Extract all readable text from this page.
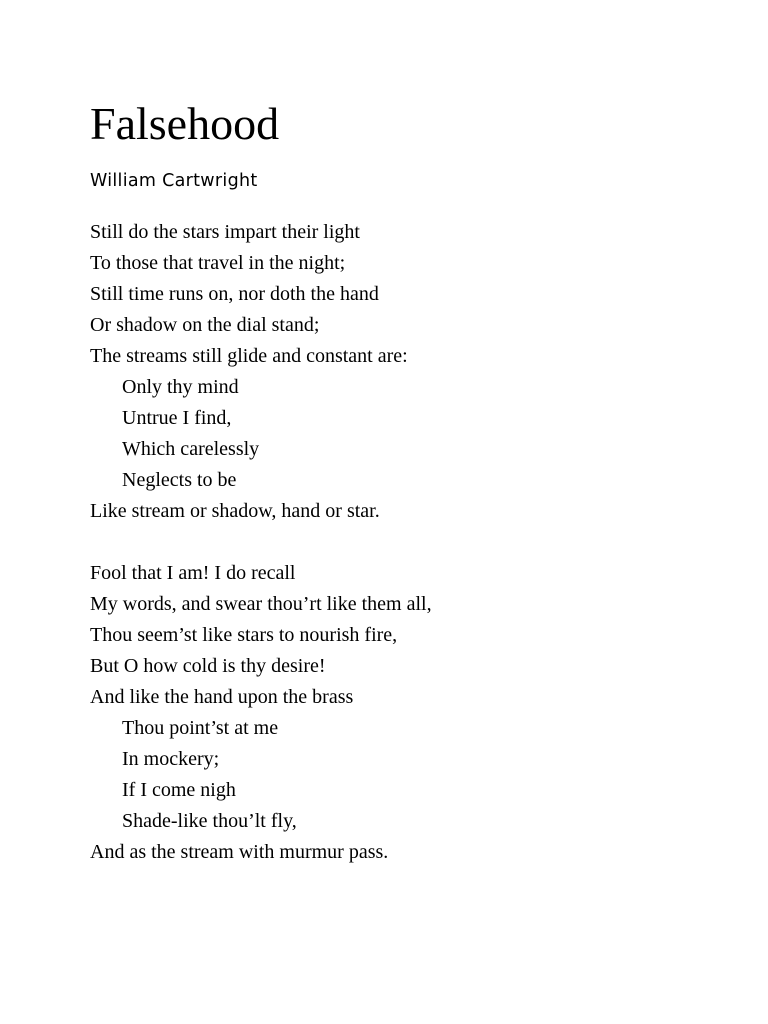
Falsehood
William Cartwright
Still do the stars impart their light
To those that travel in the night;
Still time runs on, nor doth the hand
Or shadow on the dial stand;
The streams still glide and constant are:
Only thy mind
Untrue I find,
Which carelessly
Neglects to be
Like stream or shadow, hand or star.
Fool that I am! I do recall
My words, and swear thou’rt like them all,
Thou seem’st like stars to nourish fire,
But O how cold is thy desire!
And like the hand upon the brass
Thou point’st at me
In mockery;
If I come nigh
Shade-like thou’lt fly,
And as the stream with murmur pass.
